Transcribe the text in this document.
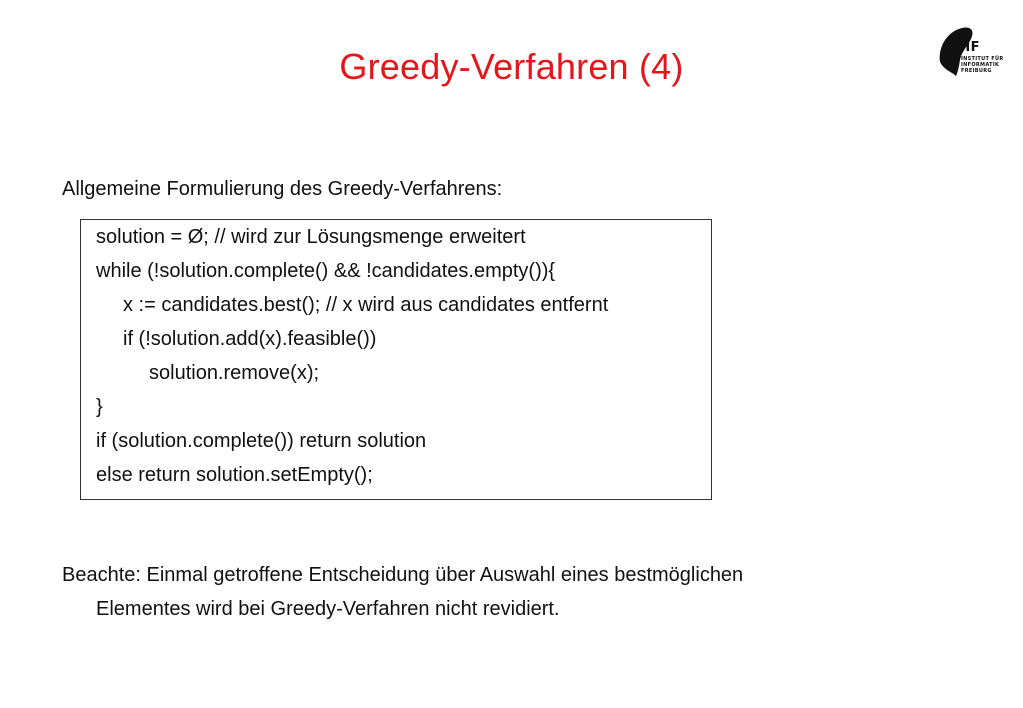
Greedy-Verfahren (4)	IIF
INSTITUT FÜR
INFORMATIK
FREIBURG
Allgemeine Formulierung des Greedy-Verfahrens:
solution = Ø; // wird zur Lösungsmenge erweitert
while (!solution.complete() && !candidates.empty()){
x := candidates.best(); // x wird aus candidates entfernt
if (!solution.add(x).feasible())
solution.remove(x);
}
if (solution.complete()) return solution
else return solution.setEmpty();
Beachte: Einmal getroffene Entscheidung über Auswahl eines bestmöglichen
Elementes wird bei Greedy-Verfahren nicht revidiert.
